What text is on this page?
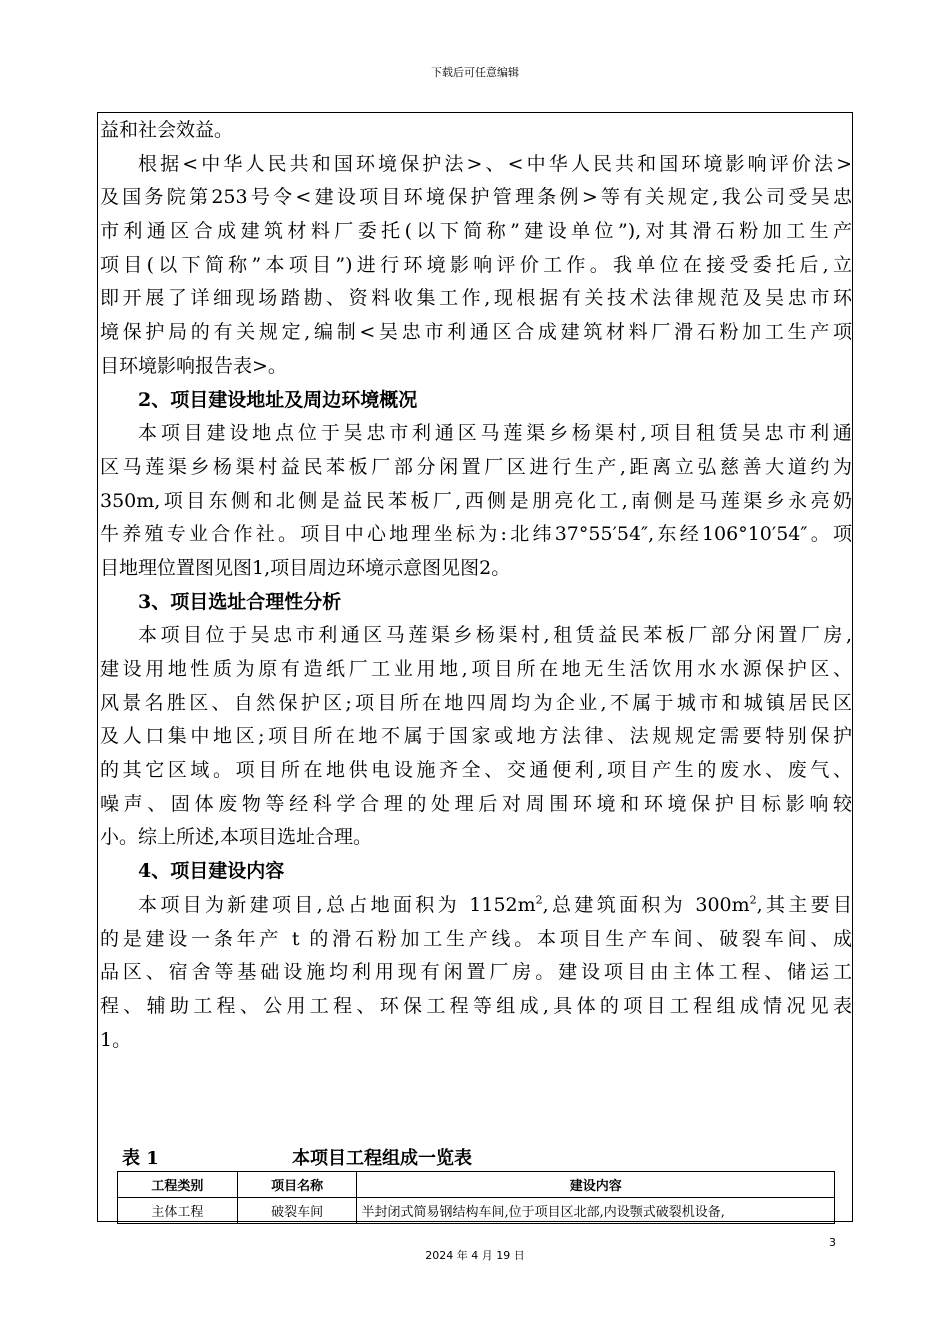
下载后可任意编辑
益和社会效益。
根据<中华人民共和国环境保护法>、<中华人民共和国环境影响评价法>
及国务院第253号令<建设项目环境保护管理条例>等有关规定,我公司受吴忠
市利通区合成建筑材料厂委托(以下简称”建设单位”),对其滑石粉加工生产
项目(以下简称”本项目”)进行环境影响评价工作。我单位在接受委托后,立
即开展了详细现场踏勘、资料收集工作,现根据有关技术法律规范及吴忠市环
境保护局的有关规定,编制<吴忠市利通区合成建筑材料厂滑石粉加工生产项
目环境影响报告表>。
2、项目建设地址及周边环境概况
本项目建设地点位于吴忠市利通区马莲渠乡杨渠村,项目租赁吴忠市利通
区马莲渠乡杨渠村益民苯板厂部分闲置厂区进行生产,距离立弘慈善大道约为
350m,项目东侧和北侧是益民苯板厂,西侧是朋亮化工,南侧是马莲渠乡永亮奶
牛养殖专业合作社。项目中心地理坐标为:北纬37°55′54″,东经106°10′54″。项
目地理位置图见图1,项目周边环境示意图见图2。
3、项目选址合理性分析
本项目位于吴忠市利通区马莲渠乡杨渠村,租赁益民苯板厂部分闲置厂房,
建设用地性质为原有造纸厂工业用地,项目所在地无生活饮用水水源保护区、
风景名胜区、自然保护区;项目所在地四周均为企业,不属于城市和城镇居民区
及人口集中地区;项目所在地不属于国家或地方法律、法规规定需要特别保护
的其它区域。项目所在地供电设施齐全、交通便利,项目产生的废水、废气、
噪声、固体废物等经科学合理的处理后对周围环境和环境保护目标影响较
小。综上所述,本项目选址合理。
4、项目建设内容
本项目为新建项目,总占地面积为 $1152m^2$,总建筑面积为 $300m^2$,其主要目
的是建设一条年产 t 的滑石粉加工生产线。本项目生产车间、破裂车间、成
品区、宿舍等基础设施均利用现有闲置厂房。建设项目由主体工程、储运工
程、辅助工程、公用工程、环保工程等组成,具体的项目工程组成情况见表
1。
表 1	本项目工程组成一览表
工程类别	项目名称	建设内容
主体工程	破裂车间	半封闭式简易钢结构车间,位于项目区北部,内设颚式破裂机设备,
3
2024 年 4 月 19 日
